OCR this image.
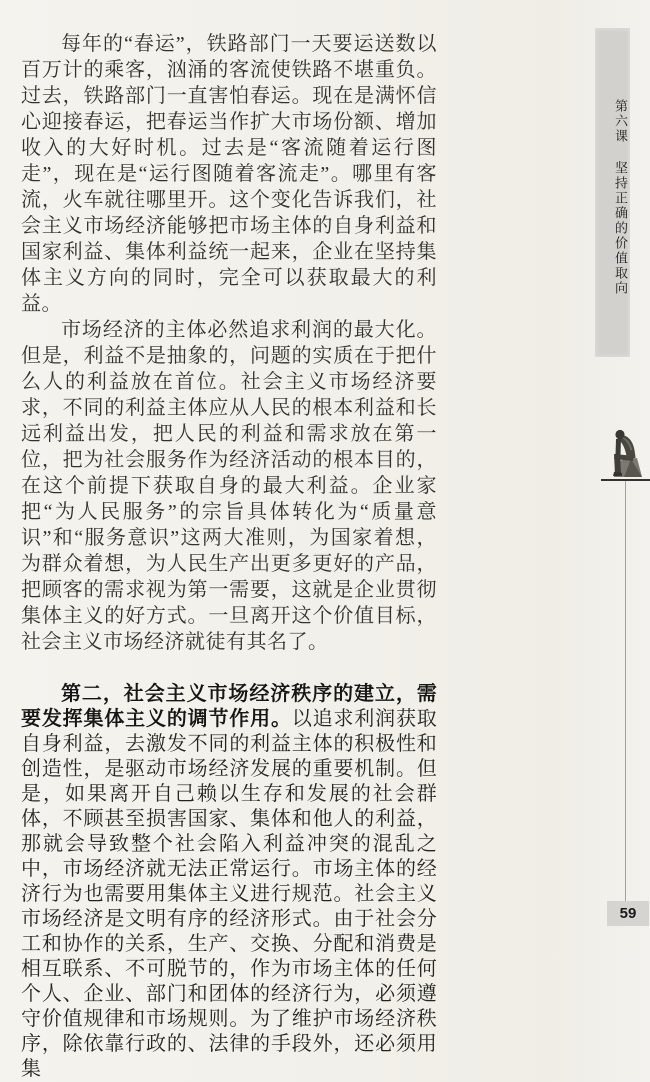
每年的“春运”，铁路部门一天要运送数以百万计的乘客，汹涌的客流使铁路不堪重负。过去，铁路部门一直害怕春运。现在是满怀信心迎接春运，把春运当作扩大市场份额、增加收入的大好时机。过去是“客流随着运行图走”，现在是“运行图随着客流走”。哪里有客流，火车就往哪里开。这个变化告诉我们，社会主义市场经济能够把市场主体的自身利益和国家利益、集体利益统一起来，企业在坚持集体主义方向的同时，完全可以获取最大的利益。

市场经济的主体必然追求利润的最大化。但是，利益不是抽象的，问题的实质在于把什么人的利益放在首位。社会主义市场经济要求，不同的利益主体应从人民的根本利益和长远利益出发，把人民的利益和需求放在第一位，把为社会服务作为经济活动的根本目的，在这个前提下获取自身的最大利益。企业家把“为人民服务”的宗旨具体转化为“质量意识”和“服务意识”这两大准则，为国家着想，为群众着想，为人民生产出更多更好的产品，把顾客的需求视为第一需要，这就是企业贯彻集体主义的好方式。一旦离开这个价值目标，社会主义市场经济就徒有其名了。

第二，社会主义市场经济秩序的建立，需要发挥集体主义的调节作用。以追求利润获取自身利益，去激发不同的利益主体的积极性和创造性，是驱动市场经济发展的重要机制。但是，如果离开自己赖以生存和发展的社会群体，不顾甚至损害国家、集体和他人的利益，那就会导致整个社会陷入利益冲突的混乱之中，市场经济就无法正常运行。市场主体的经济行为也需要用集体主义进行规范。社会主义市场经济是文明有序的经济形式。由于社会分工和协作的关系，生产、交换、分配和消费是相互联系、不可脱节的，作为市场主体的任何个人、企业、部门和团体的经济行为，必须遵守价值规律和市场规则。为了维护市场经济秩序，除依靠行政的、法律的手段外，还必须用集

第六课
坚持正确的价值取向
59
